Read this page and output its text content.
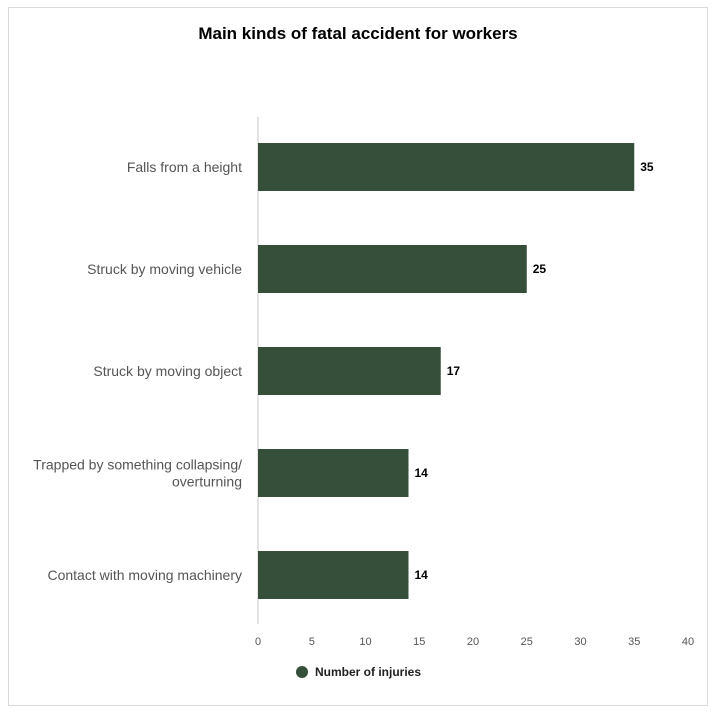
Main kinds of fatal accident for workers
35
25
17
14
14
Falls from a height
Struck by moving vehicle
Struck by moving object
Trapped by something collapsing/
overturning
Contact with moving machinery
0	5	10	15	20	25	30	35	40
Number of injuries
